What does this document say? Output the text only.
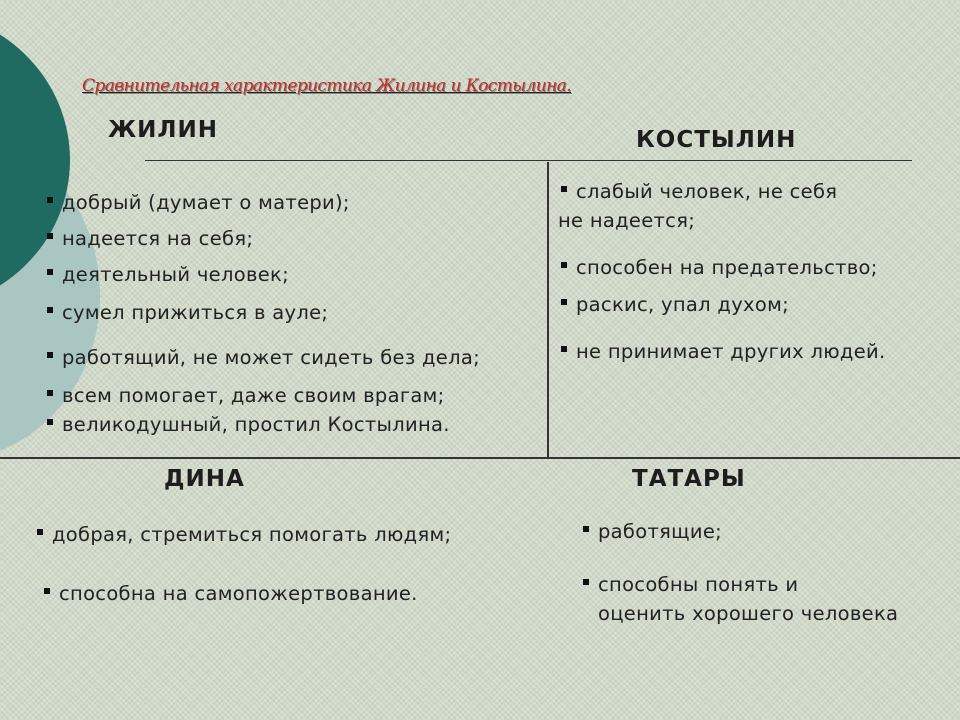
Сравнительная характеристика Жилина и Костылина.
ЖИЛИН	КОСТЫЛИН
добрый (думает о матери);
надеется на себя;
деятельный человек;
сумел прижиться в ауле;
работящий, не может сидеть без дела;
всем помогает, даже своим врагам;
великодушный, простил Костылина.
слабый человек, не себя
не надеется;
способен на предательство;
раскис, упал духом;
не принимает других людей.
ДИНА	ТАТАРЫ
добрая, стремиться помогать людям;
способна на самопожертвование.
работящие;
способны понять и
оценить хорошего человека
